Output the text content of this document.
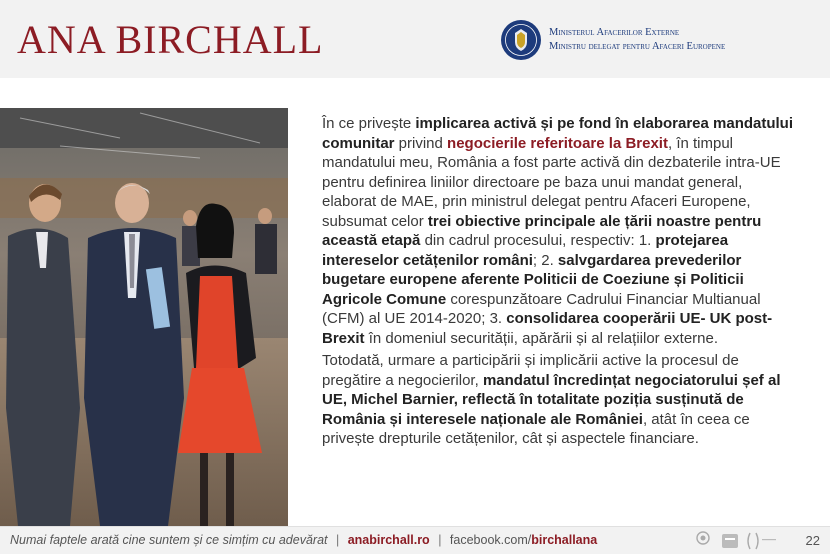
ANA BIRCHALL	Ministerul Afacerilor Externe
Ministru delegat pentru Afaceri Europene

În ce privește implicarea activă și pe fond în elaborarea mandatului comunitar privind negocierile referitoare la Brexit, în timpul mandatului meu, România a fost parte activă din dezbaterile intra-UE pentru definirea liniilor directoare pe baza unui mandat general, elaborat de MAE, prin ministrul delegat pentru Afaceri Europene, subsumat celor trei obiective principale ale țării noastre pentru această etapă din cadrul procesului, respectiv: 1. protejarea intereselor cetățenilor români; 2. salvgardarea prevederilor bugetare europene aferente Politicii de Coeziune și Politicii Agricole Comune corespunzătoare Cadrului Financiar Multianual (CFM) al UE 2014-2020; 3. consolidarea cooperării UE- UK post-Brexit în domeniul securității, apărării și al relațiilor externe.

Totodată, urmare a participării și implicării active la procesul de pregătire a negocierilor, mandatul încredințat negociatorului șef al UE, Michel Barnier, reflectă în totalitate poziția susținută de România și interesele naționale ale României, atât în ceea ce privește drepturile cetățenilor, cât și aspectele financiare.

Numai faptele arată cine suntem și ce simțim cu adevărat | anabirchall.ro | facebook.com/birchallana	22
